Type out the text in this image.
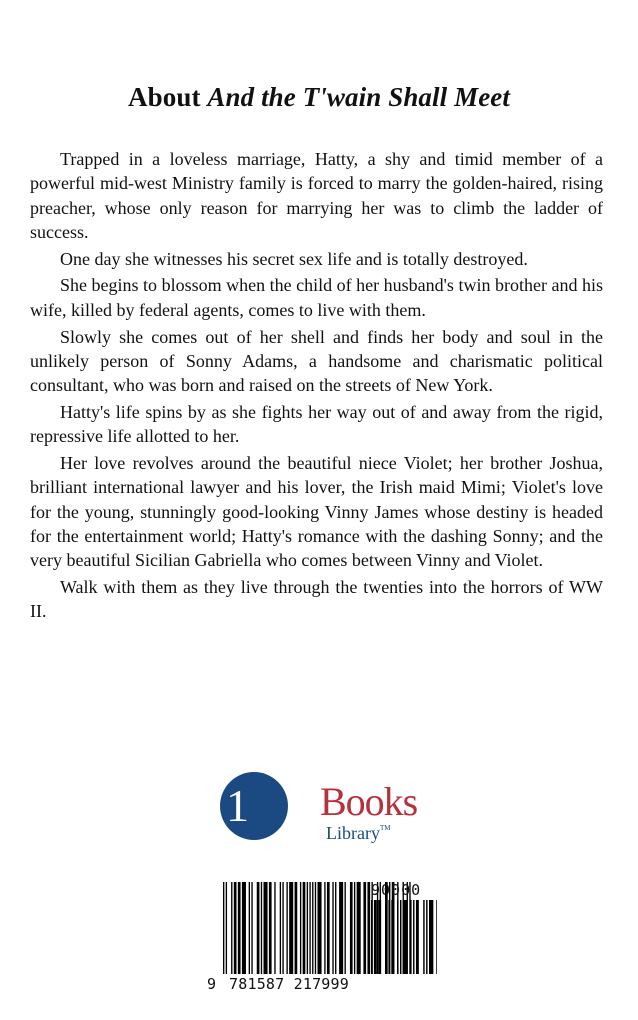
About And the T'wain Shall Meet

Trapped in a loveless marriage, Hatty, a shy and timid member of a powerful mid-west Ministry family is forced to marry the golden-haired, rising preacher, whose only reason for marrying her was to climb the ladder of success.

One day she witnesses his secret sex life and is totally destroyed.

She begins to blossom when the child of her husband's twin brother and his wife, killed by federal agents, comes to live with them.

Slowly she comes out of her shell and finds her body and soul in the unlikely person of Sonny Adams, a handsome and charismatic political consultant, who was born and raised on the streets of New York.

Hatty's life spins by as she fights her way out of and away from the rigid, repressive life allotted to her.

Her love revolves around the beautiful niece Violet; her brother Joshua, brilliant international lawyer and his lover, the Irish maid Mimi; Violet's love for the young, stunningly good-looking Vinny James whose destiny is headed for the entertainment world; Hatty's romance with the dashing Sonny; and the very beautiful Sicilian Gabriella who comes between Vinny and Violet.

Walk with them as they live through the twenties into the horrors of WW II.

1st Books
Library™
9 781587 217999
90000
